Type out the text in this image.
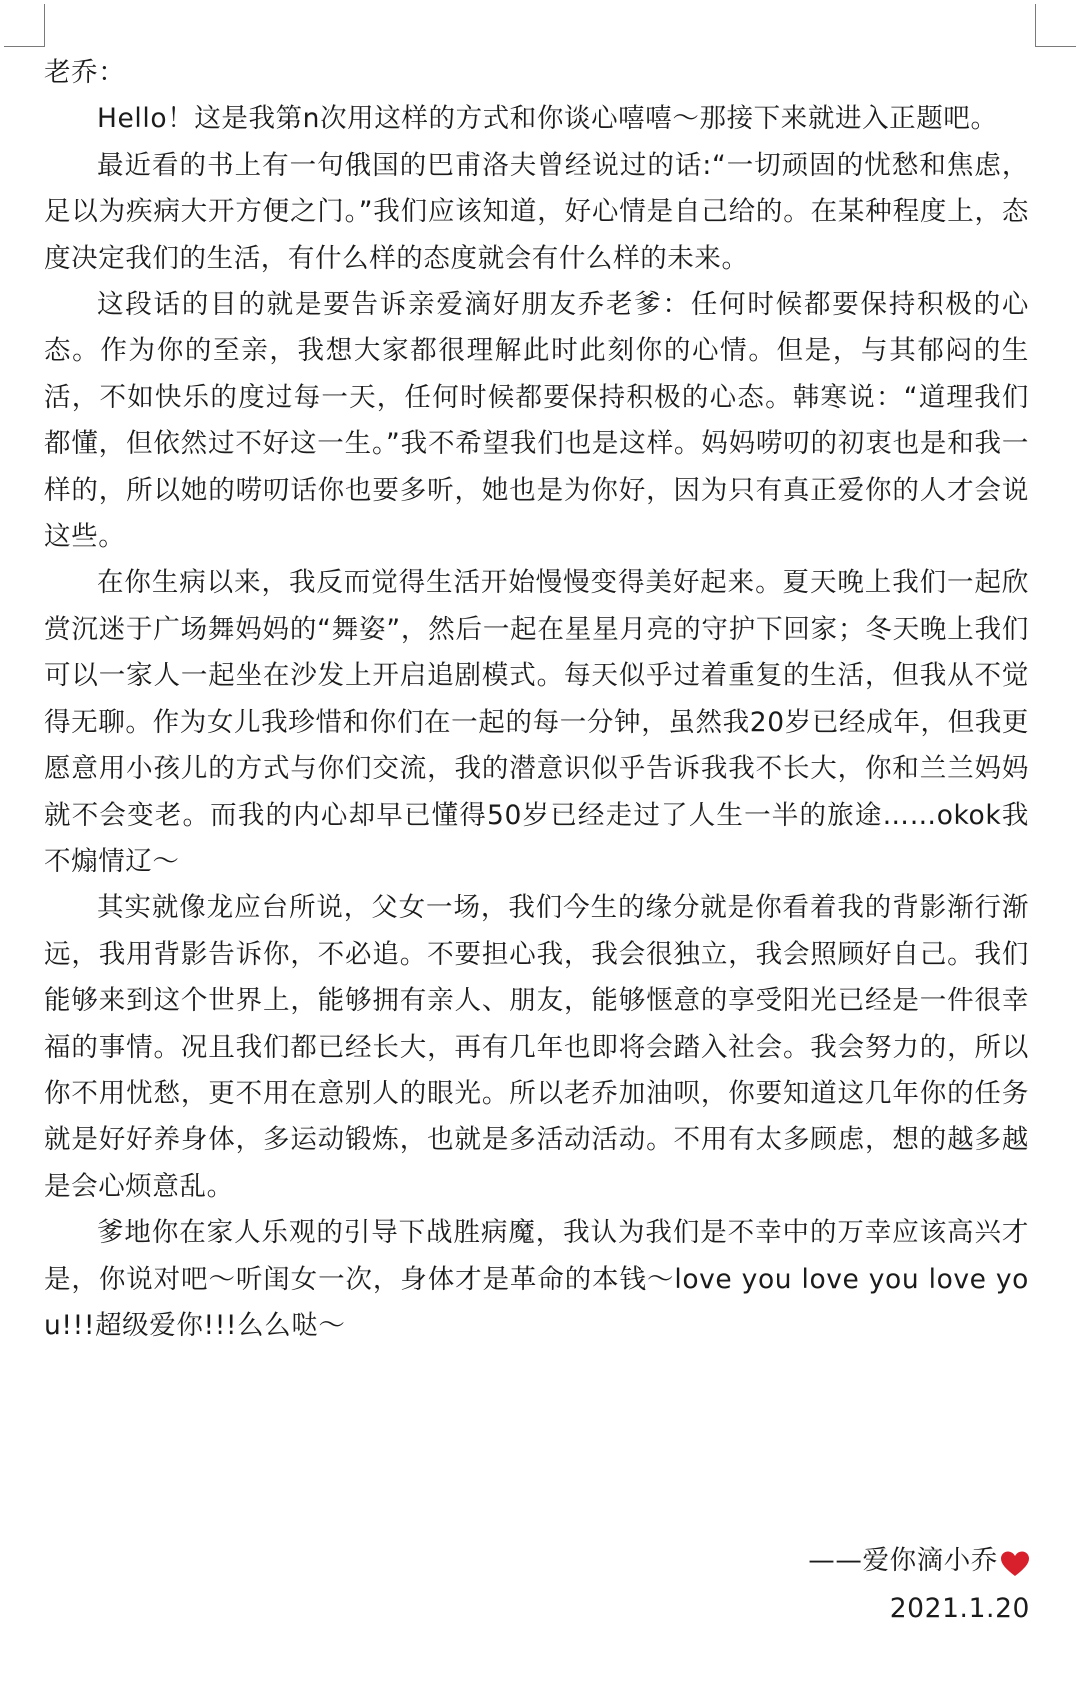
老乔：

Hello！这是我第n次用这样的方式和你谈心嘻嘻～那接下来就进入正题吧。

最近看的书上有一句俄国的巴甫洛夫曾经说过的话:“一切顽固的忧愁和焦虑，足以为疾病大开方便之门。”我们应该知道，好心情是自己给的。在某种程度上，态度决定我们的生活，有什么样的态度就会有什么样的未来。

这段话的目的就是要告诉亲爱滴好朋友乔老爹：任何时候都要保持积极的心态。作为你的至亲，我想大家都很理解此时此刻你的心情。但是，与其郁闷的生活，不如快乐的度过每一天，任何时候都要保持积极的心态。韩寒说：“道理我们都懂，但依然过不好这一生。”我不希望我们也是这样。妈妈唠叨的初衷也是和我一样的，所以她的唠叨话你也要多听，她也是为你好，因为只有真正爱你的人才会说这些。

在你生病以来，我反而觉得生活开始慢慢变得美好起来。夏天晚上我们一起欣赏沉迷于广场舞妈妈的“舞姿”，然后一起在星星月亮的守护下回家；冬天晚上我们可以一家人一起坐在沙发上开启追剧模式。每天似乎过着重复的生活，但我从不觉得无聊。作为女儿我珍惜和你们在一起的每一分钟，虽然我20岁已经成年，但我更愿意用小孩儿的方式与你们交流，我的潜意识似乎告诉我我不长大，你和兰兰妈妈就不会变老。而我的内心却早已懂得50岁已经走过了人生一半的旅途……okok我不煽情辽～

其实就像龙应台所说，父女一场，我们今生的缘分就是你看着我的背影渐行渐远，我用背影告诉你，不必追。不要担心我，我会很独立，我会照顾好自己。我们能够来到这个世界上，能够拥有亲人、朋友，能够惬意的享受阳光已经是一件很幸福的事情。况且我们都已经长大，再有几年也即将会踏入社会。我会努力的，所以你不用忧愁，更不用在意别人的眼光。所以老乔加油呗，你要知道这几年你的任务就是好好养身体，多运动锻炼，也就是多活动活动。不用有太多顾虑，想的越多越是会心烦意乱。

爹地你在家人乐观的引导下战胜病魔，我认为我们是不幸中的万幸应该高兴才是，你说对吧～听闺女一次，身体才是革命的本钱～love you love you love you!!!超级爱你!!!么么哒～

——爱你滴小乔
2021.1.20
